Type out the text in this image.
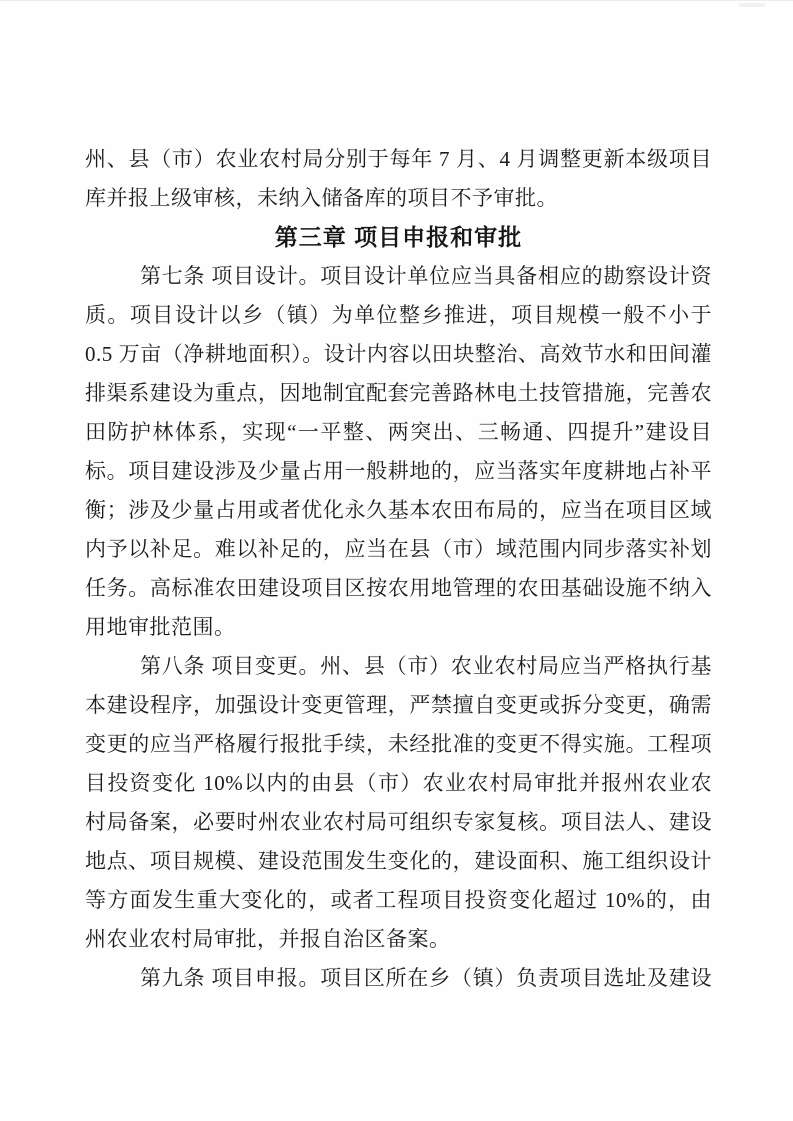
州、县（市）农业农村局分别于每年 7 月、4 月调整更新本级项目
库并报上级审核，未纳入储备库的项目不予审批。
第三章 项目申报和审批
第七条 项目设计。项目设计单位应当具备相应的勘察设计资
质。项目设计以乡（镇）为单位整乡推进，项目规模一般不小于
0.5 万亩（净耕地面积）。设计内容以田块整治、高效节水和田间灌
排渠系建设为重点，因地制宜配套完善路林电土技管措施，完善农
田防护林体系，实现“一平整、两突出、三畅通、四提升”建设目
标。项目建设涉及少量占用一般耕地的，应当落实年度耕地占补平
衡；涉及少量占用或者优化永久基本农田布局的，应当在项目区域
内予以补足。难以补足的，应当在县（市）域范围内同步落实补划
任务。高标准农田建设项目区按农用地管理的农田基础设施不纳入
用地审批范围。
第八条 项目变更。州、县（市）农业农村局应当严格执行基
本建设程序，加强设计变更管理，严禁擅自变更或拆分变更，确需
变更的应当严格履行报批手续，未经批准的变更不得实施。工程项
目投资变化 10%以内的由县（市）农业农村局审批并报州农业农
村局备案，必要时州农业农村局可组织专家复核。项目法人、建设
地点、项目规模、建设范围发生变化的，建设面积、施工组织设计
等方面发生重大变化的，或者工程项目投资变化超过 10%的，由
州农业农村局审批，并报自治区备案。
第九条 项目申报。项目区所在乡（镇）负责项目选址及建设
